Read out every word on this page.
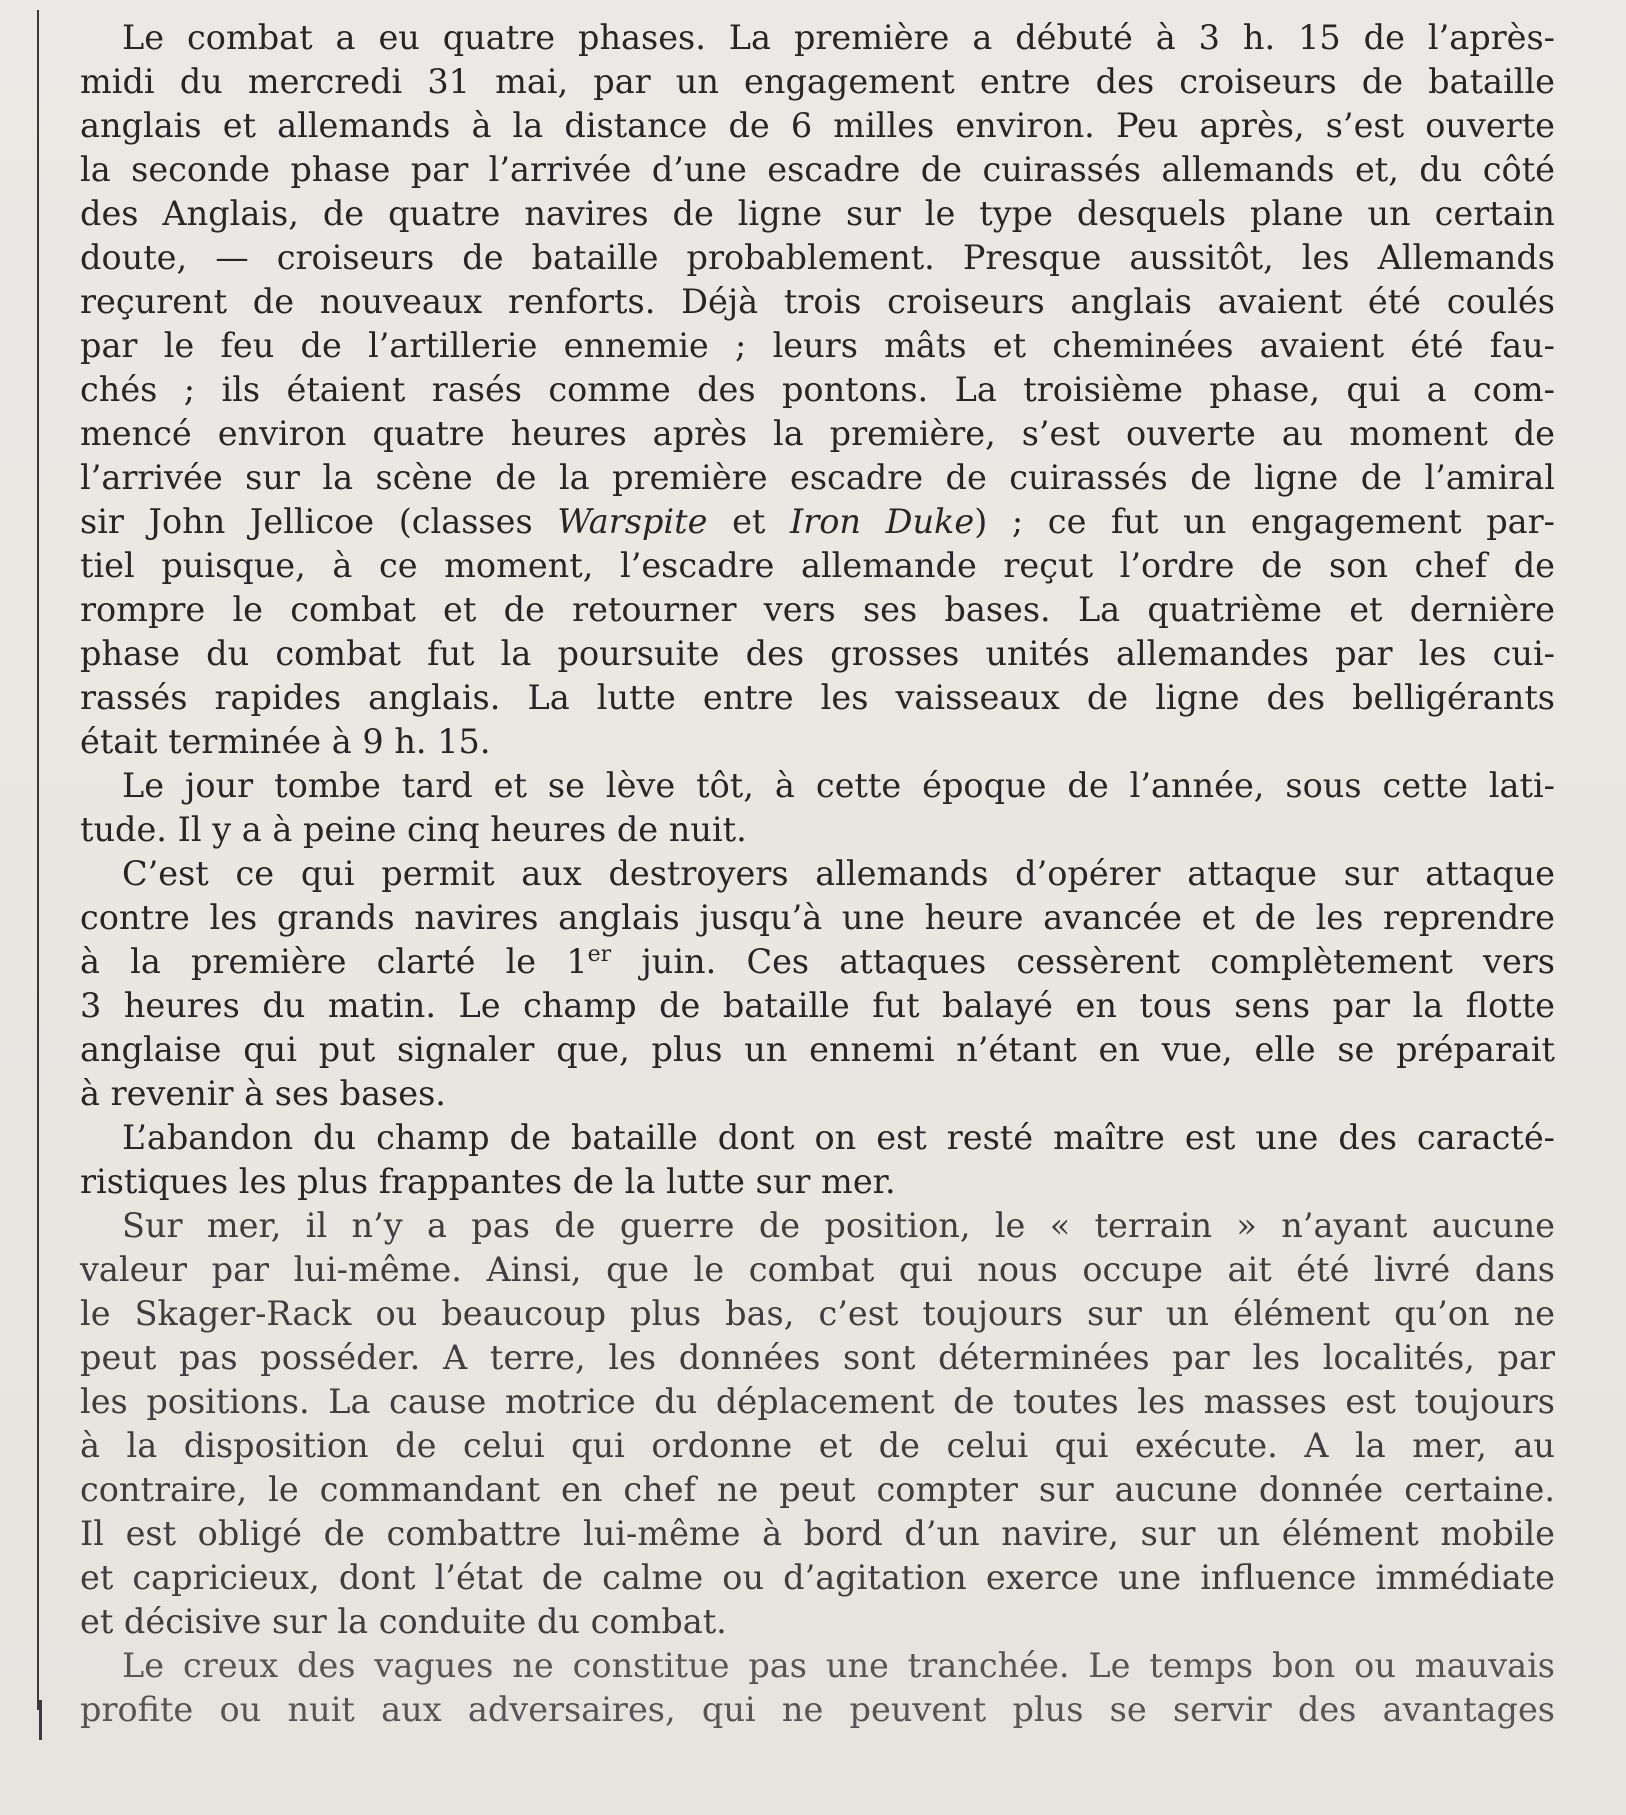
Le combat a eu quatre phases. La première a débuté à 3 h. 15 de l’après-
midi du mercredi 31 mai, par un engagement entre des croiseurs de bataille
anglais et allemands à la distance de 6 milles environ. Peu après, s’est ouverte
la seconde phase par l’arrivée d’une escadre de cuirassés allemands et, du côté
des Anglais, de quatre navires de ligne sur le type desquels plane un certain
doute, — croiseurs de bataille probablement. Presque aussitôt, les Allemands
reçurent de nouveaux renforts. Déjà trois croiseurs anglais avaient été coulés
par le feu de l’artillerie ennemie ; leurs mâts et cheminées avaient été fau-
chés ; ils étaient rasés comme des pontons. La troisième phase, qui a com-
mencé environ quatre heures après la première, s’est ouverte au moment de
l’arrivée sur la scène de la première escadre de cuirassés de ligne de l’amiral
sir John Jellicoe (classes Warspite et Iron Duke) ; ce fut un engagement par-
tiel puisque, à ce moment, l’escadre allemande reçut l’ordre de son chef de
rompre le combat et de retourner vers ses bases. La quatrième et dernière
phase du combat fut la poursuite des grosses unités allemandes par les cui-
rassés rapides anglais. La lutte entre les vaisseaux de ligne des belligérants
était terminée à 9 h. 15.
Le jour tombe tard et se lève tôt, à cette époque de l’année, sous cette lati-
tude. Il y a à peine cinq heures de nuit.
C’est ce qui permit aux destroyers allemands d’opérer attaque sur attaque
contre les grands navires anglais jusqu’à une heure avancée et de les reprendre
à la première clarté le 1er juin. Ces attaques cessèrent complètement vers
3 heures du matin. Le champ de bataille fut balayé en tous sens par la flotte
anglaise qui put signaler que, plus un ennemi n’étant en vue, elle se préparait
à revenir à ses bases.
L’abandon du champ de bataille dont on est resté maître est une des caracté-
ristiques les plus frappantes de la lutte sur mer.
Sur mer, il n’y a pas de guerre de position, le « terrain » n’ayant aucune
valeur par lui-même. Ainsi, que le combat qui nous occupe ait été livré dans
le Skager-Rack ou beaucoup plus bas, c’est toujours sur un élément qu’on ne
peut pas posséder. A terre, les données sont déterminées par les localités, par
les positions. La cause motrice du déplacement de toutes les masses est toujours
à la disposition de celui qui ordonne et de celui qui exécute. A la mer, au
contraire, le commandant en chef ne peut compter sur aucune donnée certaine.
Il est obligé de combattre lui-même à bord d’un navire, sur un élément mobile
et capricieux, dont l’état de calme ou d’agitation exerce une influence immédiate
et décisive sur la conduite du combat.
Le creux des vagues ne constitue pas une tranchée. Le temps bon ou mauvais
profite ou nuit aux adversaires, qui ne peuvent plus se servir des avantages
